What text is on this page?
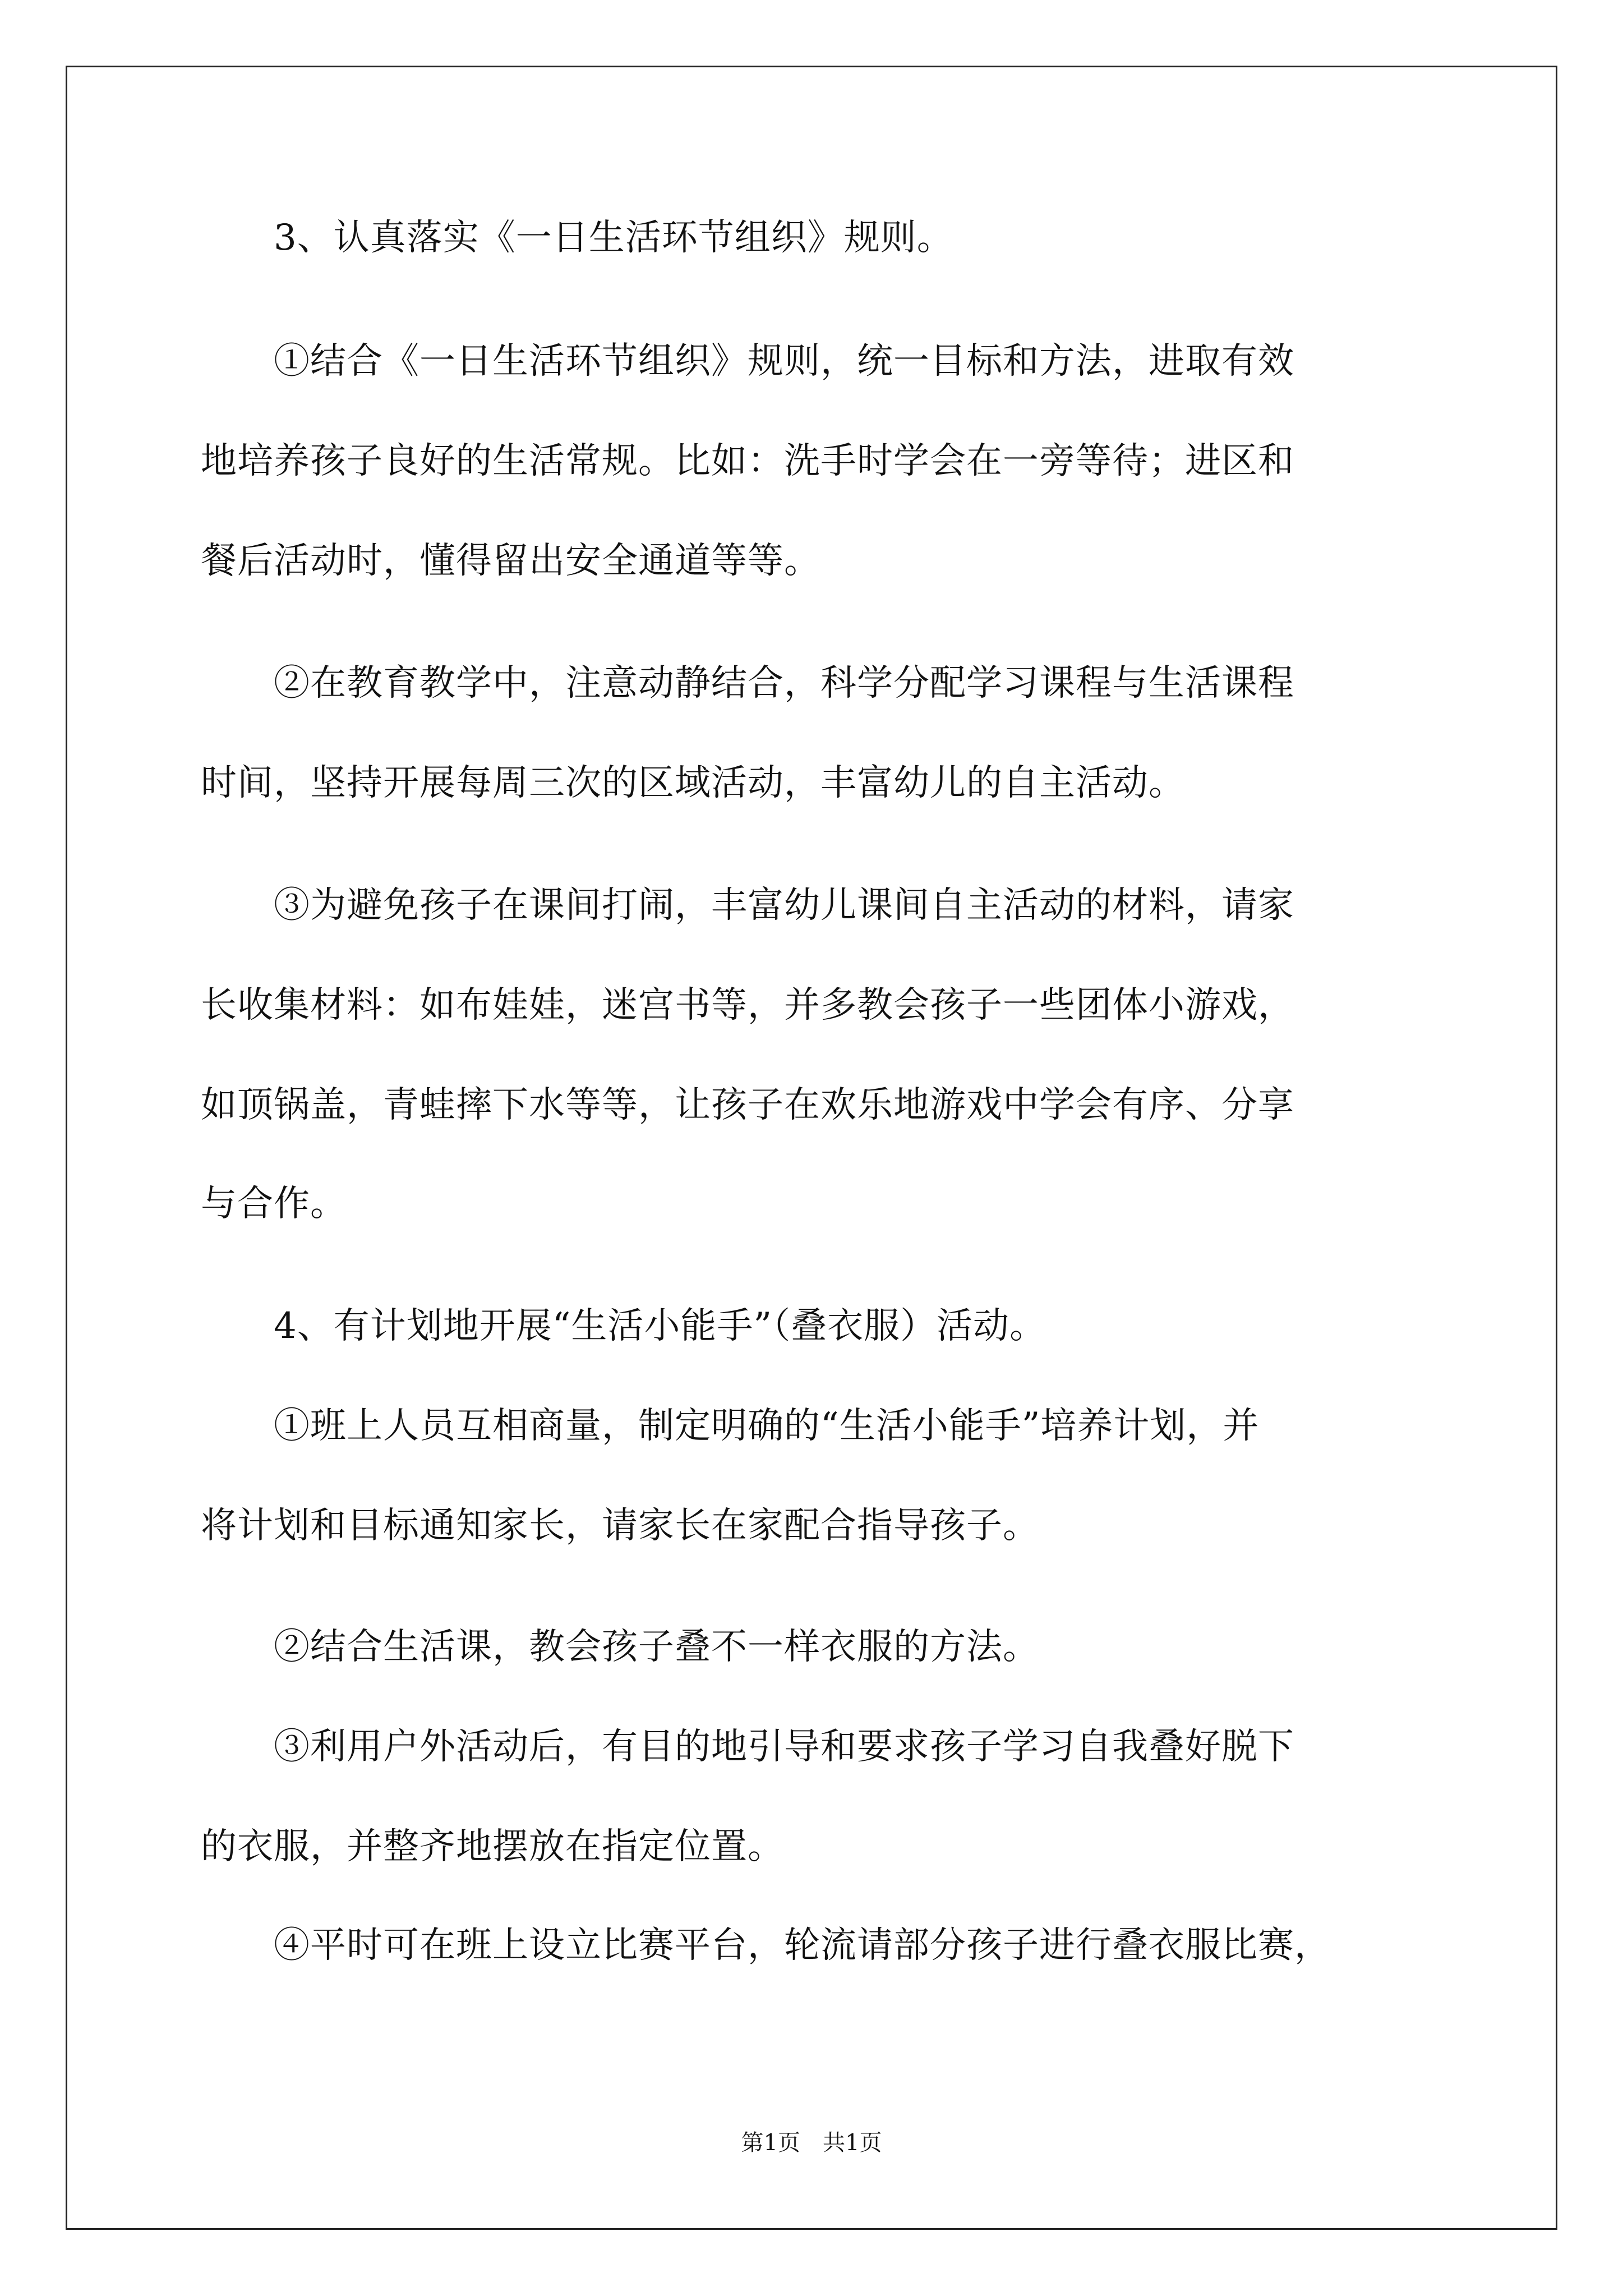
　　3、认真落实《一日生活环节组织》规则。
　　①结合《一日生活环节组织》规则，统一目标和方法，进取有效
地培养孩子良好的生活常规。比如：洗手时学会在一旁等待；进区和
餐后活动时，懂得留出安全通道等等。
　　②在教育教学中，注意动静结合，科学分配学习课程与生活课程
时间，坚持开展每周三次的区域活动，丰富幼儿的自主活动。
　　③为避免孩子在课间打闹，丰富幼儿课间自主活动的材料，请家
长收集材料：如布娃娃，迷宫书等，并多教会孩子一些团体小游戏，
如顶锅盖，青蛙摔下水等等，让孩子在欢乐地游戏中学会有序、分享
与合作。
　　4、有计划地开展“生活小能手”（叠衣服）活动。
　　①班上人员互相商量，制定明确的“生活小能手”培养计划，并
将计划和目标通知家长，请家长在家配合指导孩子。
　　②结合生活课，教会孩子叠不一样衣服的方法。
　　③利用户外活动后，有目的地引导和要求孩子学习自我叠好脱下
的衣服，并整齐地摆放在指定位置。
　　④平时可在班上设立比赛平台，轮流请部分孩子进行叠衣服比赛，
第1页 共1页
